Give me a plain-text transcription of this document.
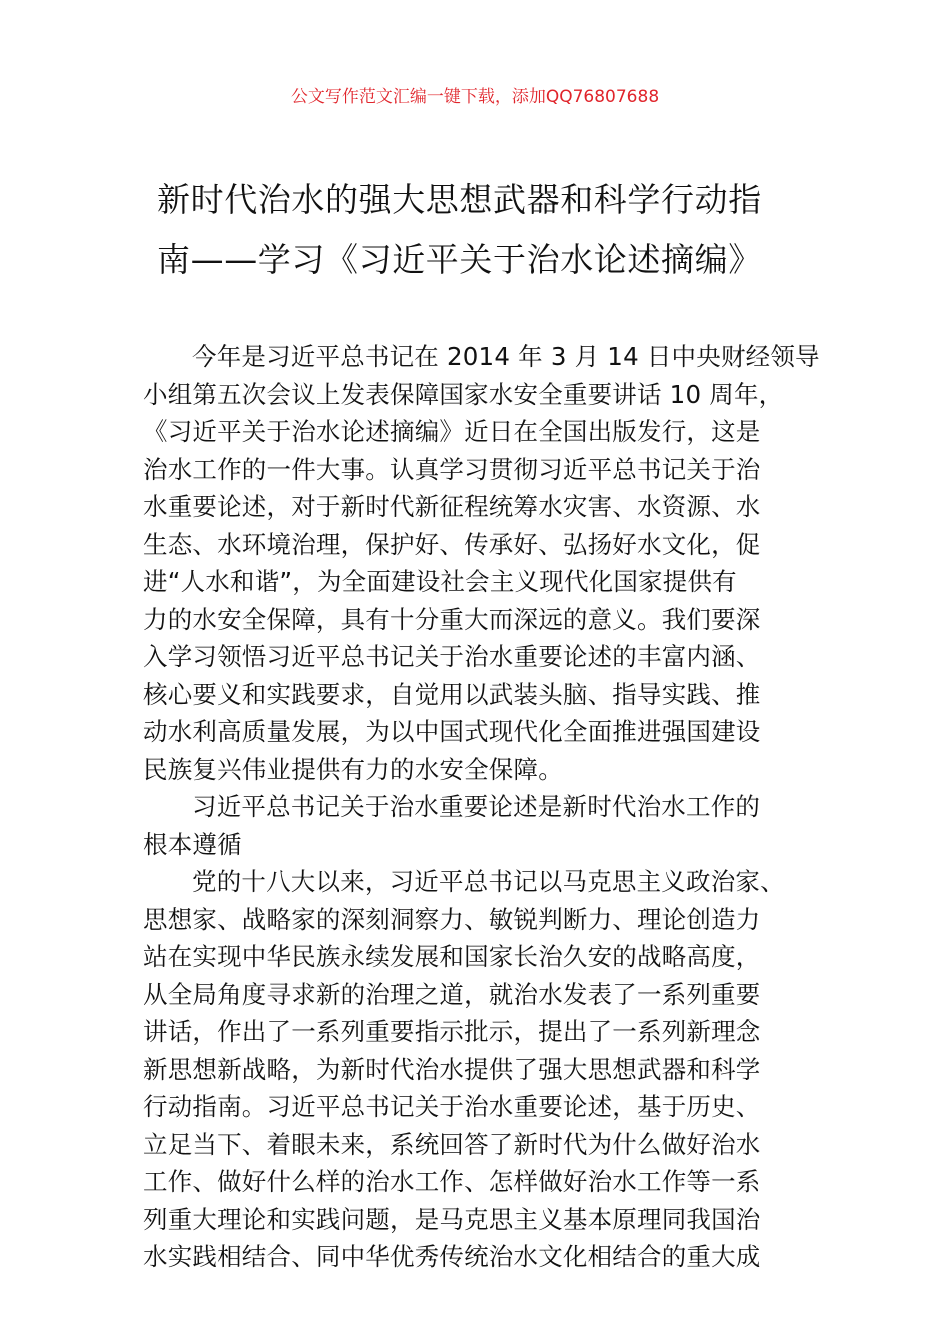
公文写作范文汇编一键下载，添加QQ76807688
新时代治水的强大思想武器和科学行动指
南——学习《习近平关于治水论述摘编》
今年是习近平总书记在 2014 年 3 月 14 日中央财经领导
小组第五次会议上发表保障国家水安全重要讲话 10 周年，
《习近平关于治水论述摘编》近日在全国出版发行，这是
治水工作的一件大事。认真学习贯彻习近平总书记关于治
水重要论述，对于新时代新征程统筹水灾害、水资源、水
生态、水环境治理，保护好、传承好、弘扬好水文化，促
进“人水和谐”，为全面建设社会主义现代化国家提供有
力的水安全保障，具有十分重大而深远的意义。我们要深
入学习领悟习近平总书记关于治水重要论述的丰富内涵、
核心要义和实践要求，自觉用以武装头脑、指导实践、推
动水利高质量发展，为以中国式现代化全面推进强国建设
民族复兴伟业提供有力的水安全保障。
习近平总书记关于治水重要论述是新时代治水工作的
根本遵循
党的十八大以来，习近平总书记以马克思主义政治家、
思想家、战略家的深刻洞察力、敏锐判断力、理论创造力
站在实现中华民族永续发展和国家长治久安的战略高度，
从全局角度寻求新的治理之道，就治水发表了一系列重要
讲话，作出了一系列重要指示批示，提出了一系列新理念
新思想新战略，为新时代治水提供了强大思想武器和科学
行动指南。习近平总书记关于治水重要论述，基于历史、
立足当下、着眼未来，系统回答了新时代为什么做好治水
工作、做好什么样的治水工作、怎样做好治水工作等一系
列重大理论和实践问题，是马克思主义基本原理同我国治
水实践相结合、同中华优秀传统治水文化相结合的重大成
